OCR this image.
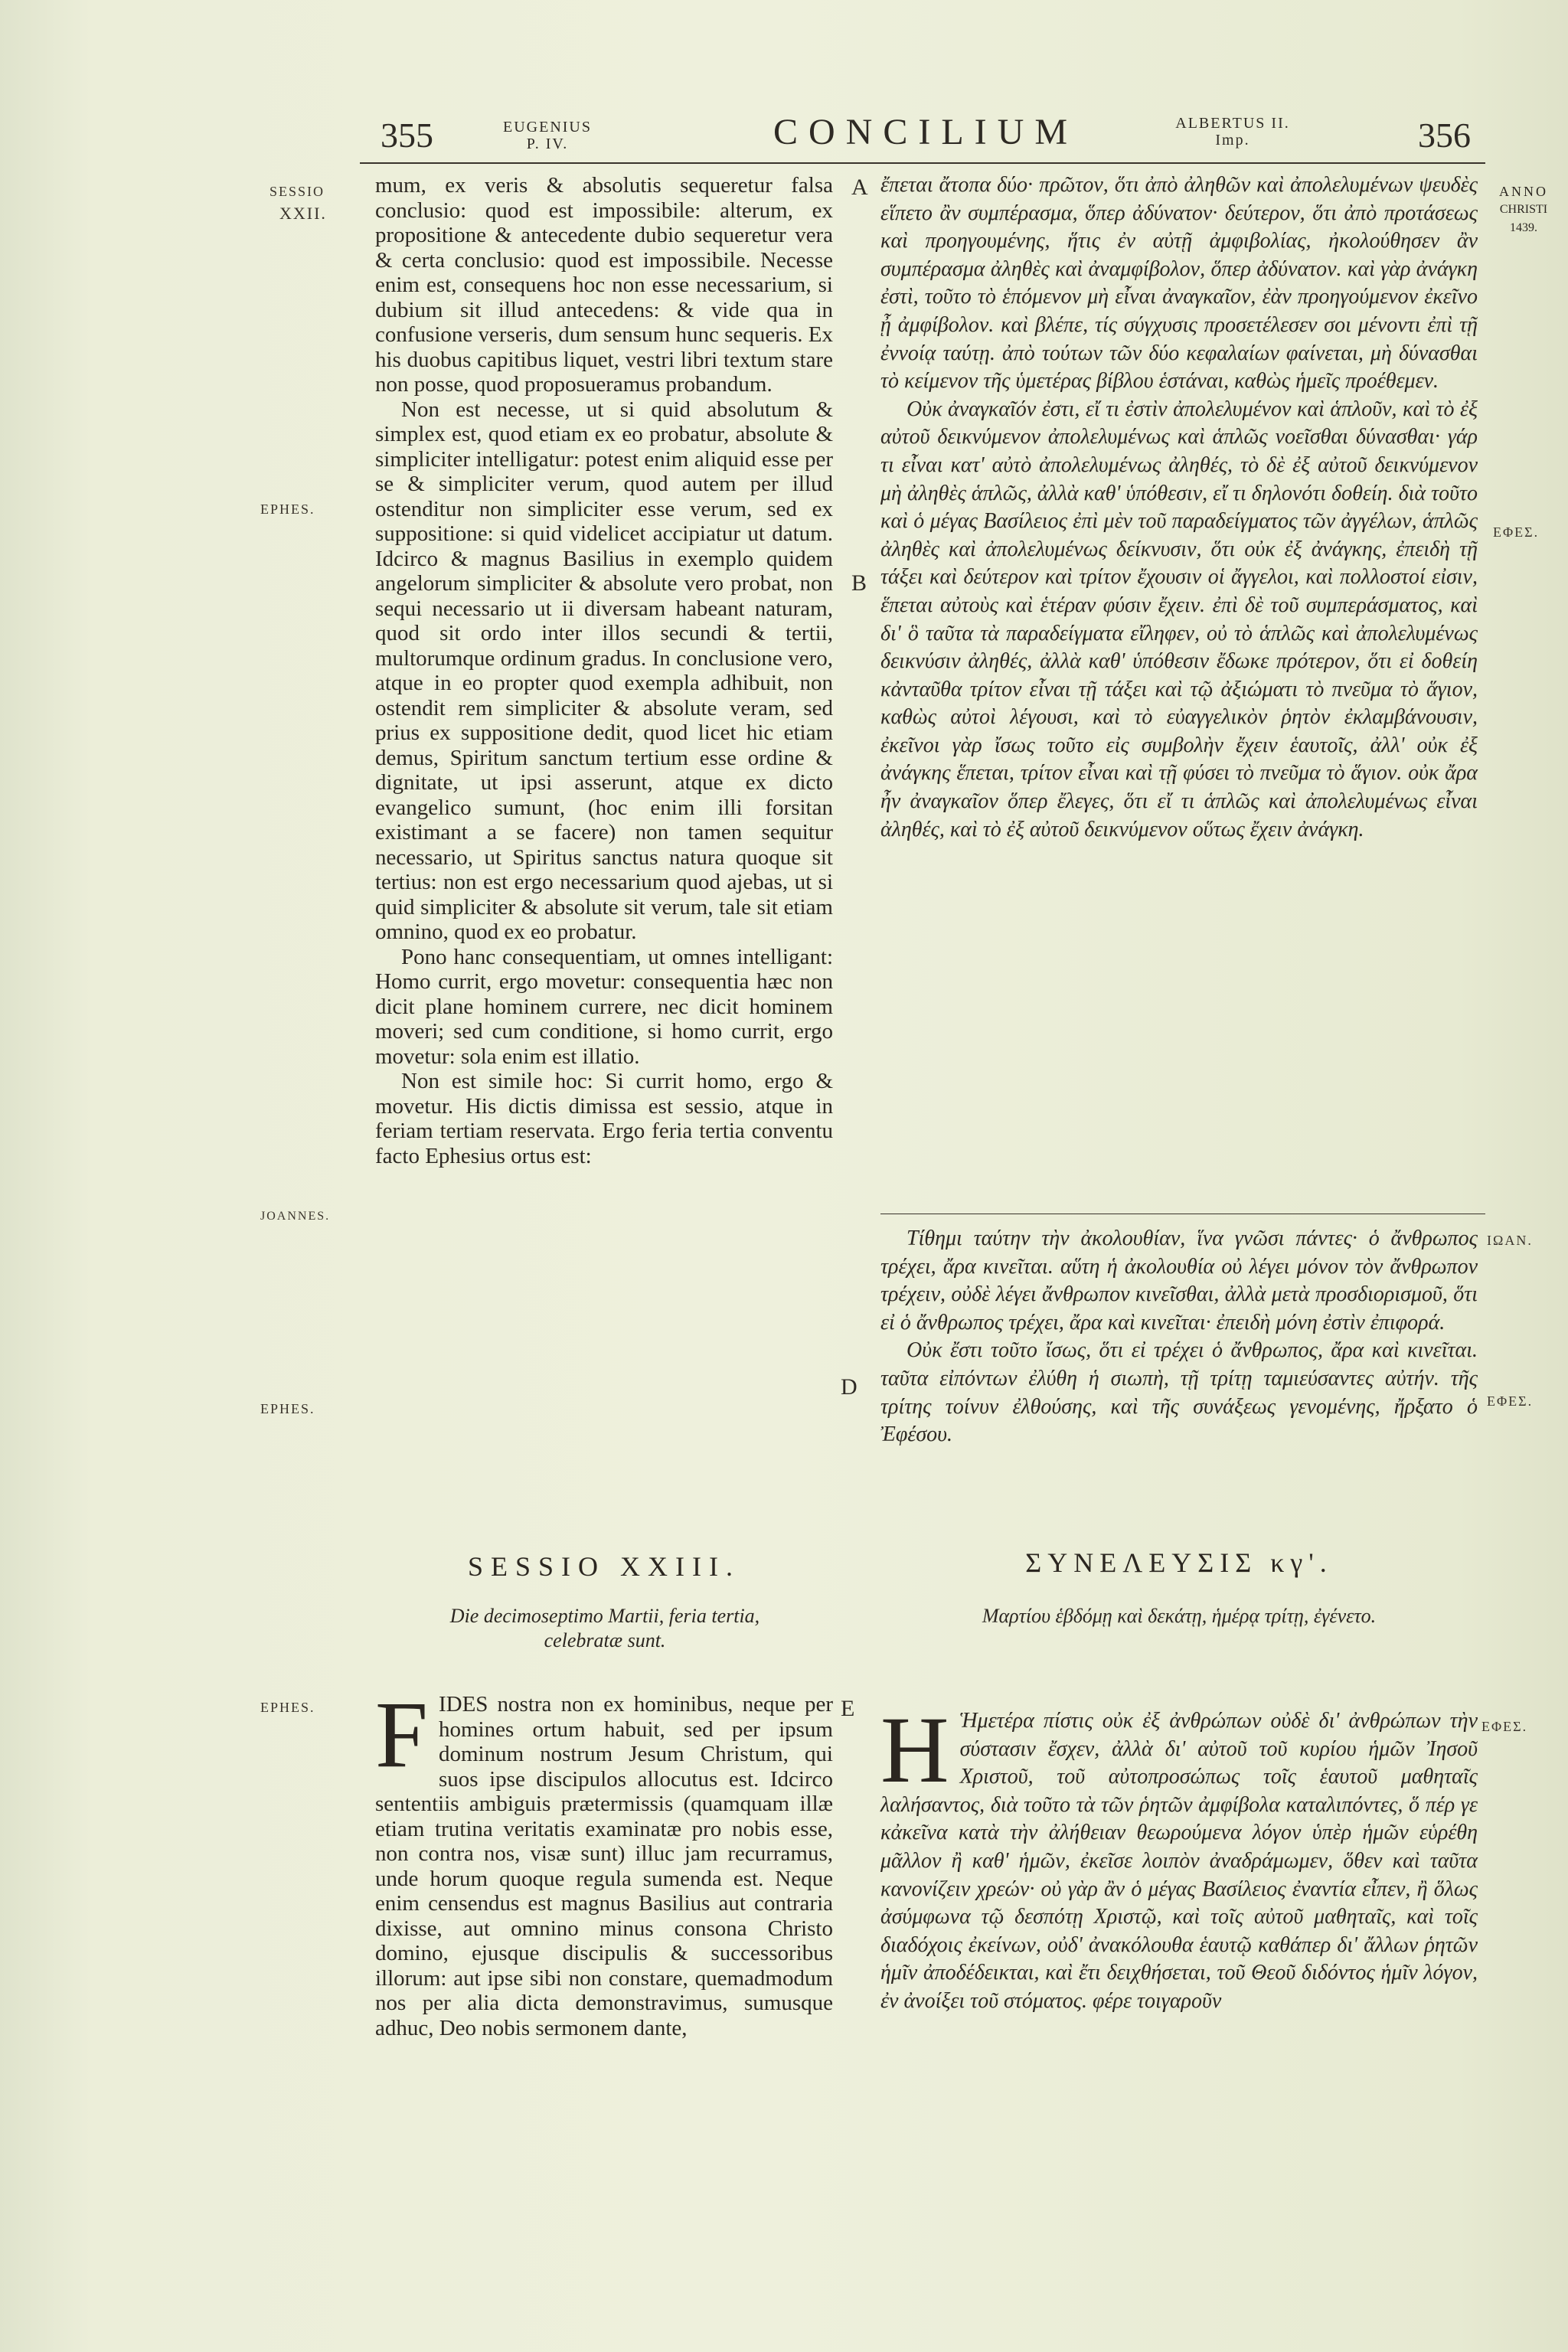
355	EUGENIUS
P. IV.	CONCILIUM	ALBERTUS II.
Imp.	356
SESSIO
XXII.
EPHES.
JOANNES.
EPHES.
EPHES.
ANNO
CHRISTI
1439.
ΕΦΕΣ.
ΙΩΑΝ.
ΕΦΕΣ.
ΕΦΕΣ.
A
B
D
E

mum, ex veris & absolutis sequeretur falsa conclusio: quod est impossibile: alterum, ex propositione & antecedente dubio sequeretur vera & certa conclusio: quod est impossibile. Necesse enim est, consequens hoc non esse necessarium, si dubium sit illud antecedens: & vide qua in confusione verseris, dum sensum hunc sequeris. Ex his duobus capitibus liquet, vestri libri textum stare non posse, quod proposueramus probandum.

Non est necesse, ut si quid absolutum & simplex est, quod etiam ex eo probatur, absolute & simpliciter intelligatur: potest enim aliquid esse per se & simpliciter verum, quod autem per illud ostenditur non simpliciter esse verum, sed ex suppositione: si quid videlicet accipiatur ut datum. Idcirco & magnus Basilius in exemplo quidem angelorum simpliciter & absolute vero probat, non sequi necessario ut ii diversam habeant naturam, quod sit ordo inter illos secundi & tertii, multorumque ordinum gradus. In conclusione vero, atque in eo propter quod exempla adhibuit, non ostendit rem simpliciter & absolute veram, sed prius ex suppositione dedit, quod licet hic etiam demus, Spiritum sanctum tertium esse ordine & dignitate, ut ipsi asserunt, atque ex dicto evangelico sumunt, (hoc enim illi forsitan existimant a se facere) non tamen sequitur necessario, ut Spiritus sanctus natura quoque sit tertius: non est ergo necessarium quod ajebas, ut si quid simpliciter & absolute sit verum, tale sit etiam omnino, quod ex eo probatur.

Pono hanc consequentiam, ut omnes intelligant: Homo currit, ergo movetur: consequentia hæc non dicit plane hominem currere, nec dicit hominem moveri; sed cum conditione, si homo currit, ergo movetur: sola enim est illatio.

Non est simile hoc: Si currit homo, ergo & movetur. His dictis dimissa est sessio, atque in feriam tertiam reservata. Ergo feria tertia conventu facto Ephesius ortus est:

SESSIO XXIII.
Die decimoseptimo Martii, feria tertia, celebratæ sunt.

FIDES nostra non ex hominibus, neque per homines ortum habuit, sed per ipsum dominum nostrum Jesum Christum, qui suos ipse discipulos allocutus est. Idcirco sententiis ambiguis prætermissis (quamquam illæ etiam trutina veritatis examinatæ pro nobis esse, non contra nos, visæ sunt) illuc jam recurramus, unde horum quoque regula sumenda est. Neque enim censendus est magnus Basilius aut contraria dixisse, aut omnino minus consona Christo domino, ejusque discipulis & successoribus illorum: aut ipse sibi non constare, quemadmodum nos per alia dicta demonstravimus, sumusque adhuc, Deo nobis sermonem dante,

ἔπεται ἄτοπα δύο· πρῶτον, ὅτι ἀπὸ ἀληθῶν καὶ ἀπολελυμένων ψευδὲς εἵπετο ἂν συμπέρασμα, ὅπερ ἀδύνατον· δεύτερον, ὅτι ἀπὸ προτάσεως καὶ προηγουμένης, ἥτις ἐν αὐτῇ ἀμφιβολίας, ἠκολούθησεν ἂν συμπέρασμα ἀληθὲς καὶ ἀναμφίβολον, ὅπερ ἀδύνατον. καὶ γὰρ ἀνάγκη ἐστὶ, τοῦτο τὸ ἑπόμενον μὴ εἶναι ἀναγκαῖον, ἐὰν προηγούμενον ἐκεῖνο ᾖ ἀμφίβολον. καὶ βλέπε, τίς σύγχυσις προσετέλεσεν σοι μένοντι ἐπὶ τῇ ἐννοίᾳ ταύτῃ. ἀπὸ τούτων τῶν δύο κεφαλαίων φαίνεται, μὴ δύνασθαι τὸ κείμενον τῆς ὑμετέρας βίβλου ἑστάναι, καθὼς ἡμεῖς προέθεμεν.

Οὐκ ἀναγκαῖόν ἐστι, εἴ τι ἐστὶν ἀπολελυμένον καὶ ἁπλοῦν, καὶ τὸ ἐξ αὐτοῦ δεικνύμενον ἀπολελυμένως καὶ ἁπλῶς νοεῖσθαι δύνασθαι· γάρ τι εἶναι κατ' αὐτὸ ἀπολελυμένως ἀληθές, τὸ δὲ ἐξ αὐτοῦ δεικνύμενον μὴ ἀληθὲς ἁπλῶς, ἀλλὰ καθ' ὑπόθεσιν, εἴ τι δηλονότι δοθείη. διὰ τοῦτο καὶ ὁ μέγας Βασίλειος ἐπὶ μὲν τοῦ παραδείγματος τῶν ἀγγέλων, ἁπλῶς ἀληθὲς καὶ ἀπολελυμένως δείκνυσιν, ὅτι οὐκ ἐξ ἀνάγκης, ἐπειδὴ τῇ τάξει καὶ δεύτερον καὶ τρίτον ἔχουσιν οἱ ἄγγελοι, καὶ πολλοστοί εἰσιν, ἕπεται αὐτοὺς καὶ ἑτέραν φύσιν ἔχειν. ἐπὶ δὲ τοῦ συμπεράσματος, καὶ δι' ὃ ταῦτα τὰ παραδείγματα εἴληφεν, οὐ τὸ ἁπλῶς καὶ ἀπολελυμένως δεικνύσιν ἀληθές, ἀλλὰ καθ' ὑπόθεσιν ἔδωκε πρότερον, ὅτι εἰ δοθείη κἀνταῦθα τρίτον εἶναι τῇ τάξει καὶ τῷ ἀξιώματι τὸ πνεῦμα τὸ ἅγιον, καθὼς αὐτοὶ λέγουσι, καὶ τὸ εὐαγγελικὸν ῥητὸν ἐκλαμβάνουσιν, ἐκεῖνοι γὰρ ἴσως τοῦτο εἰς συμβολὴν ἔχειν ἑαυτοῖς, ἀλλ' οὐκ ἐξ ἀνάγκης ἕπεται, τρίτον εἶναι καὶ τῇ φύσει τὸ πνεῦμα τὸ ἅγιον. οὐκ ἄρα ἦν ἀναγκαῖον ὅπερ ἔλεγες, ὅτι εἴ τι ἁπλῶς καὶ ἀπολελυμένως εἶναι ἀληθές, καὶ τὸ ἐξ αὐτοῦ δεικνύμενον οὕτως ἔχειν ἀνάγκη.

Τίθημι ταύτην τὴν ἀκολουθίαν, ἵνα γνῶσι πάντες· ὁ ἄνθρωπος τρέχει, ἄρα κινεῖται. αὕτη ἡ ἀκολουθία οὐ λέγει μόνον τὸν ἄνθρωπον τρέχειν, οὐδὲ λέγει ἄνθρωπον κινεῖσθαι, ἀλλὰ μετὰ προσδιορισμοῦ, ὅτι εἰ ὁ ἄνθρωπος τρέχει, ἄρα καὶ κινεῖται· ἐπειδὴ μόνη ἐστὶν ἐπιφορά.

Οὐκ ἔστι τοῦτο ἴσως, ὅτι εἰ τρέχει ὁ ἄνθρωπος, ἄρα καὶ κινεῖται. ταῦτα εἰπόντων ἐλύθη ἡ σιωπὴ, τῇ τρίτῃ ταμιεύσαντες αὐτήν. τῆς τρίτης τοίνυν ἐλθούσης, καὶ τῆς συνάξεως γενομένης, ἤρξατο ὁ Ἐφέσου.

ΣΥΝΕΛΕΥΣΙΣ κγ'.
Μαρτίου ἑβδόμῃ καὶ δεκάτῃ, ἡμέρᾳ τρίτῃ, ἐγένετο.

Η Ἡμετέρα πίστις οὐκ ἐξ ἀνθρώπων οὐδὲ δι' ἀνθρώπων τὴν σύστασιν ἔσχεν, ἀλλὰ δι' αὐτοῦ τοῦ κυρίου ἡμῶν Ἰησοῦ Χριστοῦ, τοῦ αὐτοπροσώπως τοῖς ἑαυτοῦ μαθηταῖς λαλήσαντος, διὰ τοῦτο τὰ τῶν ῥητῶν ἀμφίβολα καταλιπόντες, ὅ πέρ γε κἀκεῖνα κατὰ τὴν ἀλήθειαν θεωρούμενα λόγον ὑπὲρ ἡμῶν εὑρέθη μᾶλλον ἢ καθ' ἡμῶν, ἐκεῖσε λοιπὸν ἀναδράμωμεν, ὅθεν καὶ ταῦτα κανονίζειν χρεών· οὐ γὰρ ἂν ὁ μέγας Βασίλειος ἐναντία εἶπεν, ἢ ὅλως ἀσύμφωνα τῷ δεσπότῃ Χριστῷ, καὶ τοῖς αὐτοῦ μαθηταῖς, καὶ τοῖς διαδόχοις ἐκείνων, οὐδ' ἀνακόλουθα ἑαυτῷ καθάπερ δι' ἄλλων ῥητῶν ἡμῖν ἀποδέδεικται, καὶ ἔτι δειχθήσεται, τοῦ Θεοῦ διδόντος ἡμῖν λόγον, ἐν ἀνοίξει τοῦ στόματος. φέρε τοιγαροῦν
